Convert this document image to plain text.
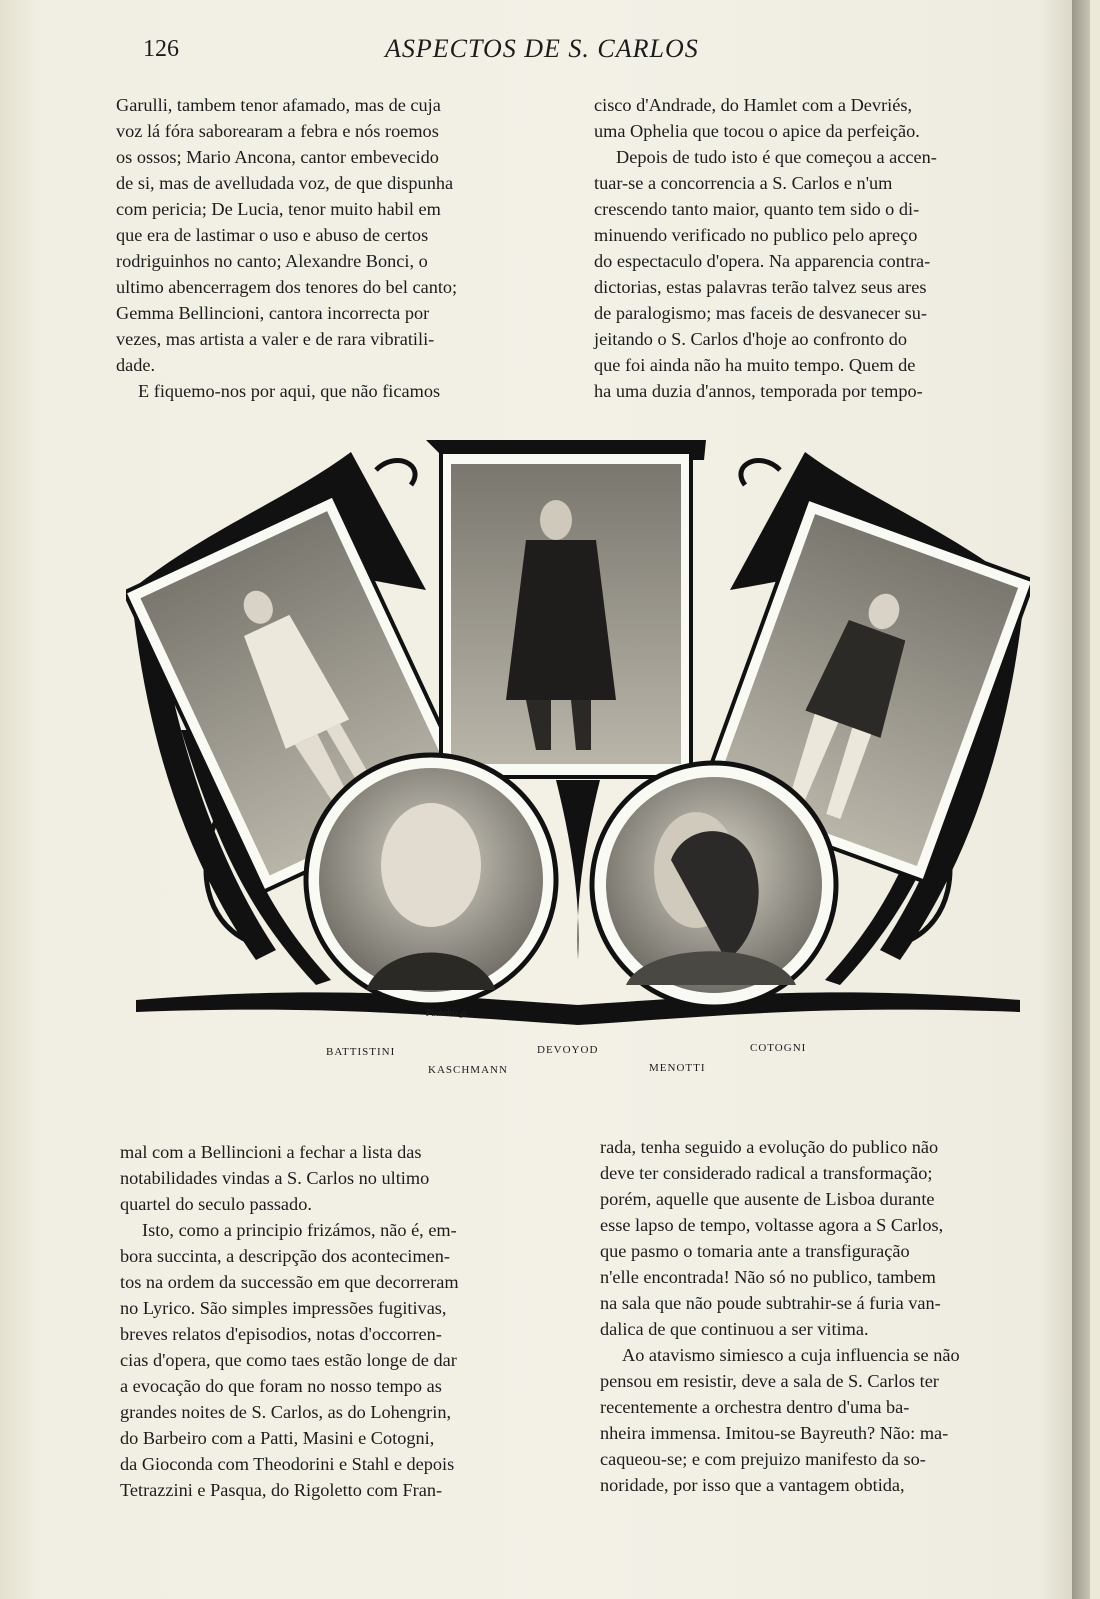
126	ASPECTOS DE S. CARLOS

Garulli, tambem tenor afamado, mas de cuja

voz lá fóra saborearam a febra e nós roemos

os ossos; Mario Ancona, cantor embevecido

de si, mas de avelludada voz, de que dispunha

com pericia; De Lucia, tenor muito habil em

que era de lastimar o uso e abuso de certos

rodriguinhos no canto; Alexandre Bonci, o

ultimo abencerragem dos tenores do bel canto;

Gemma Bellincioni, cantora incorrecta por

vezes, mas artista a valer e de rara vibratili-

dade.

E fiquemo-nos por aqui, que não ficamos

cisco d'Andrade, do Hamlet com a Devriés,

uma Ophelia que tocou o apice da perfeição.

Depois de tudo isto é que começou a accen-

tuar-se a concorrencia a S. Carlos e n'um

crescendo tanto maior, quanto tem sido o di-

minuendo verificado no publico pelo apreço

do espectaculo d'opera. Na apparencia contra-

dictorias, estas palavras terão talvez seus ares

de paralogismo; mas faceis de desvanecer su-

jeitando o S. Carlos d'hoje ao confronto do

que foi ainda não ha muito tempo. Quem de

ha uma duzia d'annos, temporada por tempo-

Pinheiro gr.
BATTISTINI	DEVOYOD	COTOGNI
KASCHMANN	MENOTTI

mal com a Bellincioni a fechar a lista das

notabilidades vindas a S. Carlos no ultimo

quartel do seculo passado.

Isto, como a principio frizámos, não é, em-

bora succinta, a descripção dos acontecimen-

tos na ordem da successão em que decorreram

no Lyrico. São simples impressões fugitivas,

breves relatos d'episodios, notas d'occorren-

cias d'opera, que como taes estão longe de dar

a evocação do que foram no nosso tempo as

grandes noites de S. Carlos, as do Lohengrin,

do Barbeiro com a Patti, Masini e Cotogni,

da Gioconda com Theodorini e Stahl e depois

Tetrazzini e Pasqua, do Rigoletto com Fran-

rada, tenha seguido a evolução do publico não

deve ter considerado radical a transformação;

porém, aquelle que ausente de Lisboa durante

esse lapso de tempo, voltasse agora a S Carlos,

que pasmo o tomaria ante a transfiguração

n'elle encontrada! Não só no publico, tambem

na sala que não poude subtrahir-se á furia van-

dalica de que continuou a ser vitima.

Ao atavismo simiesco a cuja influencia se não

pensou em resistir, deve a sala de S. Carlos ter

recentemente a orchestra dentro d'uma ba-

nheira immensa. Imitou-se Bayreuth? Não: ma-

caqueou-se; e com prejuizo manifesto da so-

noridade, por isso que a vantagem obtida,
